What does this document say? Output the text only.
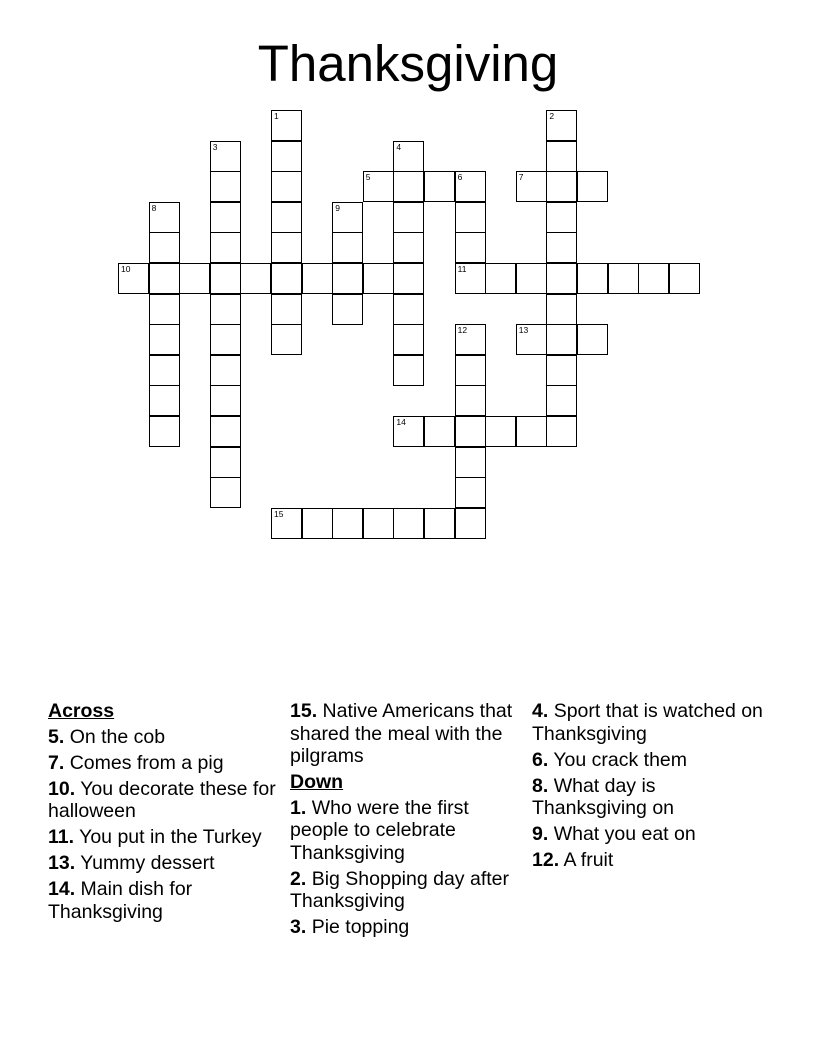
Thanksgiving
1	2
3	4
5	6	7
8	9
10	11
12	13
14
15
Across
5. On the cob
7. Comes from a pig
10. You decorate these for halloween
11. You put in the Turkey
13. Yummy dessert
14. Main dish for Thanksgiving
15. Native Americans that shared the meal with the pilgrams
Down
1. Who were the first people to celebrate Thanksgiving
2. Big Shopping day after Thanksgiving
3. Pie topping
4. Sport that is watched on Thanksgiving
6. You crack them
8. What day is Thanksgiving on
9. What you eat on
12. A fruit
